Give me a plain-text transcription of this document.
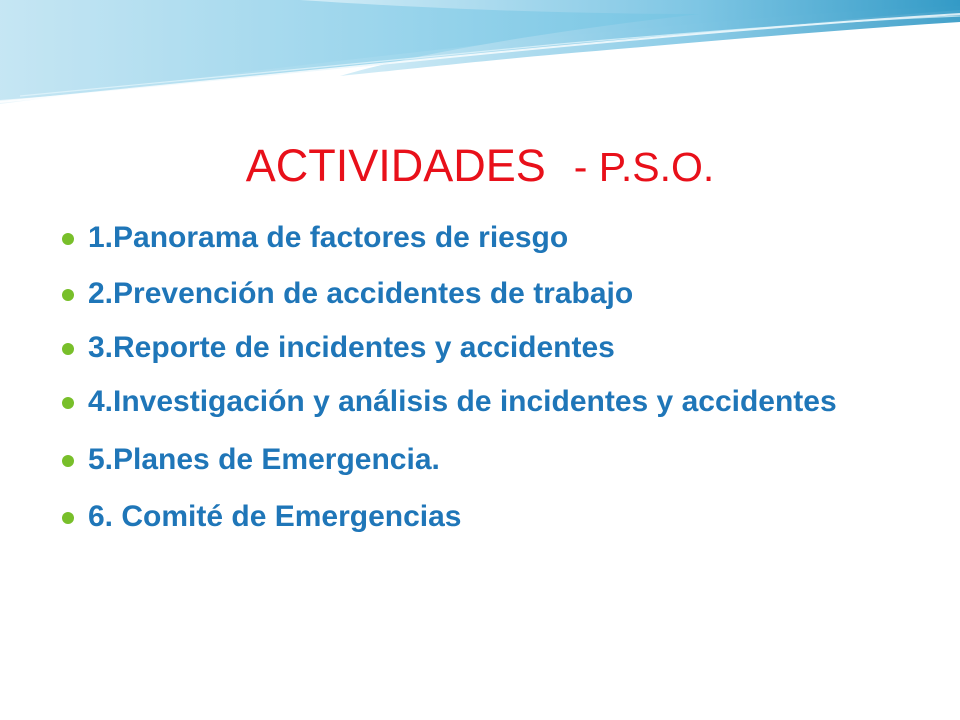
ACTIVIDADES - P.S.O.
1.Panorama de factores de riesgo
2.Prevención de accidentes de trabajo
3.Reporte de incidentes y accidentes
4.Investigación y análisis de incidentes y accidentes
5.Planes de Emergencia.
6. Comité de Emergencias
